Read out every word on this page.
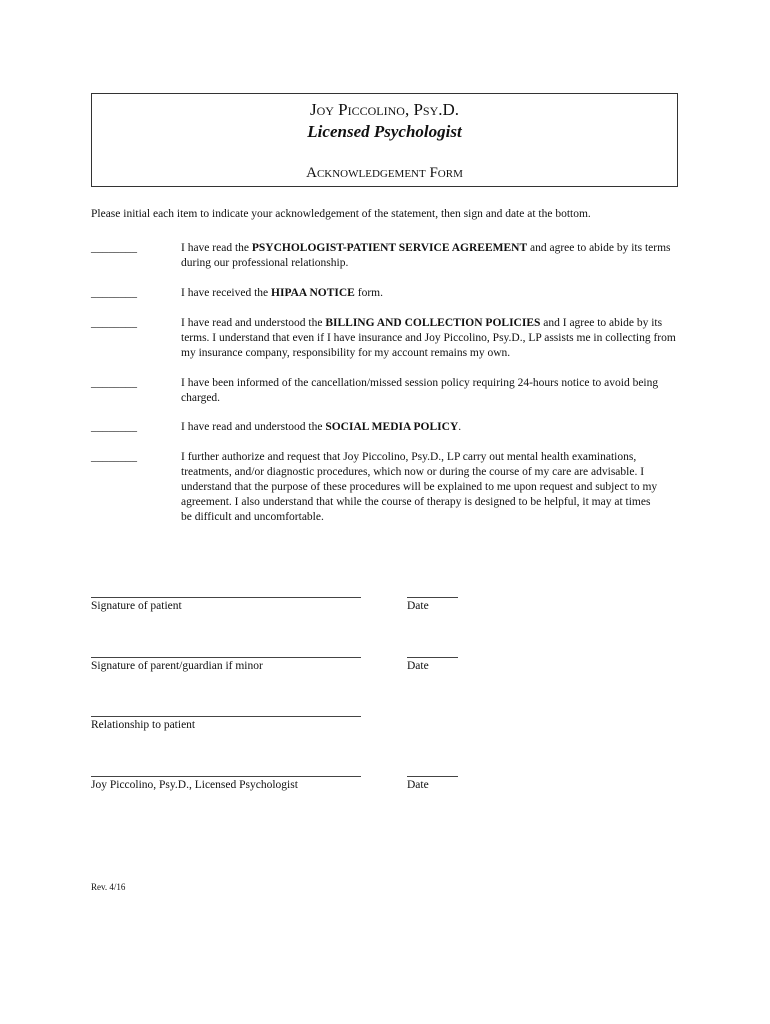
Joy Piccolino, Psy.D.
Licensed Psychologist
Acknowledgement Form
Please initial each item to indicate your acknowledgement of the statement, then sign and date at the bottom.
________	I have read the PSYCHOLOGIST-PATIENT SERVICE AGREEMENT and agree to abide by its terms during our professional relationship.
________	I have received the HIPAA NOTICE form.
________	I have read and understood the BILLING AND COLLECTION POLICIES and I agree to abide by its terms. I understand that even if I have insurance and Joy Piccolino, Psy.D., LP assists me in collecting from my insurance company, responsibility for my account remains my own.
________	I have been informed of the cancellation/missed session policy requiring 24-hours notice to avoid being charged.
________	I have read and understood the SOCIAL MEDIA POLICY.
________	I further authorize and request that Joy Piccolino, Psy.D., LP carry out mental health examinations, treatments, and/or diagnostic procedures, which now or during the course of my care are advisable. I understand that the purpose of these procedures will be explained to me upon request and subject to my agreement. I also understand that while the course of therapy is designed to be helpful, it may at times be difficult and uncomfortable.
Signature of patient	Date
Signature of parent/guardian if minor	Date
Relationship to patient
Joy Piccolino, Psy.D., Licensed Psychologist	Date
Rev. 4/16
